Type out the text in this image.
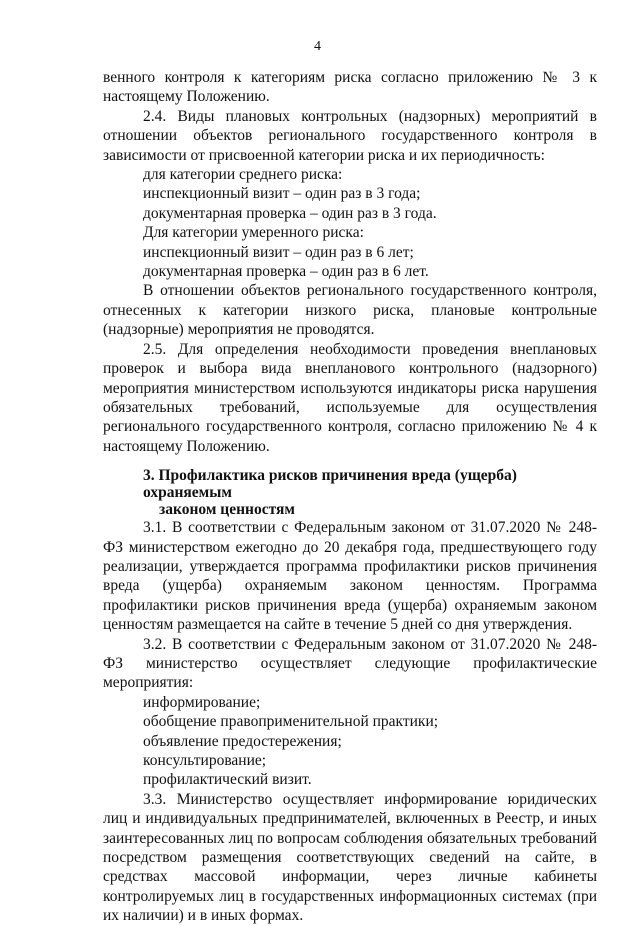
4

венного контроля к категориям риска согласно приложению № 3 к настоящему Положению.

2.4. Виды плановых контрольных (надзорных) мероприятий в отношении объектов регионального государственного контроля в зависимости от присвоенной категории риска и их периодичность:

для категории среднего риска:

инспекционный визит – один раз в 3 года;

документарная проверка – один раз в 3 года.

Для категории умеренного риска:

инспекционный визит – один раз в 6 лет;

документарная проверка – один раз в 6 лет.

В отношении объектов регионального государственного контроля, отнесенных к категории низкого риска, плановые контрольные (надзорные) мероприятия не проводятся.

2.5. Для определения необходимости проведения внеплановых проверок и выбора вида внепланового контрольного (надзорного) мероприятия министерством используются индикаторы риска нарушения обязательных требований, используемые для осуществления регионального государственного контроля, согласно приложению № 4 к настоящему Положению.

3. Профилактика рисков причинения вреда (ущерба) охраняемым
законом ценностям

3.1. В соответствии с Федеральным законом от 31.07.2020 № 248-ФЗ министерством ежегодно до 20 декабря года, предшествующего году реализации, утверждается программа профилактики рисков причинения вреда (ущерба) охраняемым законом ценностям. Программа профилактики рисков причинения вреда (ущерба) охраняемым законом ценностям размещается на сайте в течение 5 дней со дня утверждения.

3.2. В соответствии с Федеральным законом от 31.07.2020 № 248-ФЗ министерство осуществляет следующие профилактические мероприятия:

информирование;

обобщение правоприменительной практики;

объявление предостережения;

консультирование;

профилактический визит.

3.3. Министерство осуществляет информирование юридических лиц и индивидуальных предпринимателей, включенных в Реестр, и иных заинтересованных лиц по вопросам соблюдения обязательных требований посредством размещения соответствующих сведений на сайте, в средствах массовой информации, через личные кабинеты контролируемых лиц в государственных информационных системах (при их наличии) и в иных формах.
